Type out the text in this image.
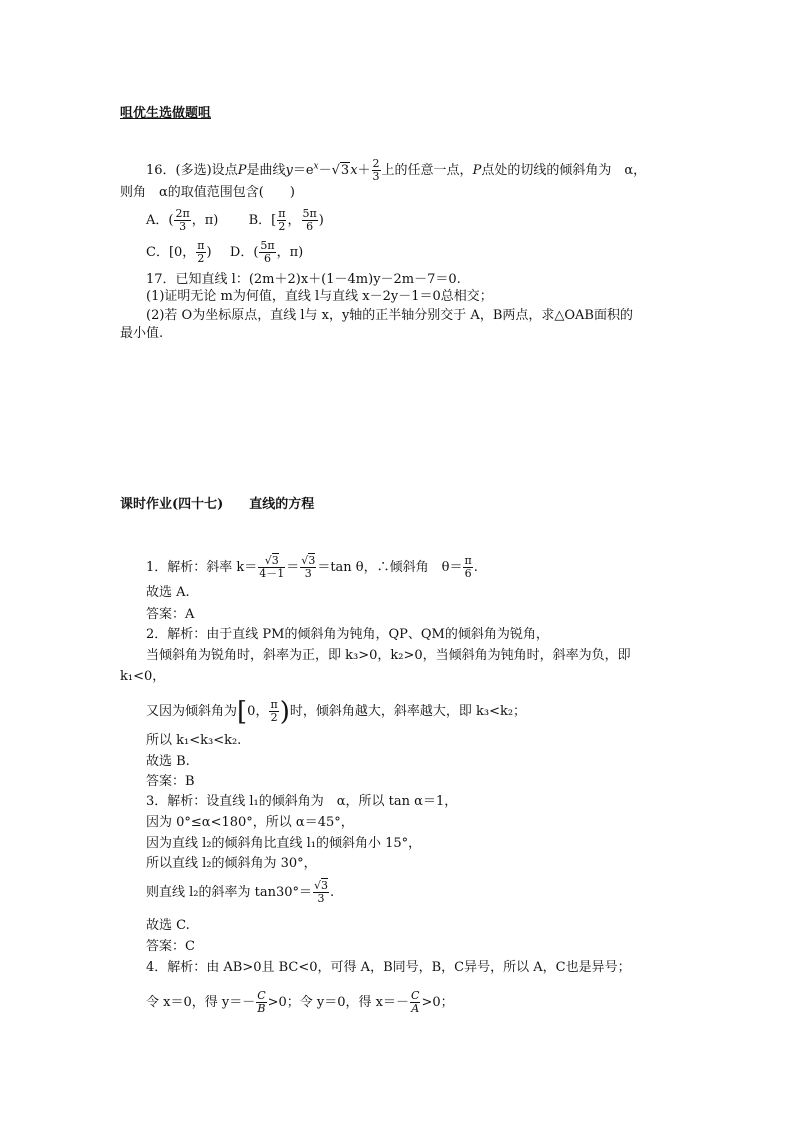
咀优生选做题咀
16．(多选)设点P是曲线$y=e^x-√3x+ \frac{2}{3}$ 上的任意一点，P点处的切线的倾斜角为　α，
则角　α的取值范围包含(　　)
A．( $\frac{2\pi}{3}$ ，π) B．[ $\frac{\pi}{2}$ ， $\frac{5\pi}{6}$ )
C．[0， $\frac{\pi}{2}$ ) D．( $\frac{5\pi}{6}$ ，π)
17．已知直线 l：(2m＋2)x＋(1－4m)y－2m－7＝0.
(1)证明无论 m为何值，直线 l与直线 x－2y－1＝0总相交；
(2)若 O为坐标原点，直线 l与 x，y轴的正半轴分别交于 A，B两点，求△OAB面积的
最小值.
课时作业(四十七)　　直线的方程
1．解析：斜率 $k= \frac{√3}{4-1} = \frac{√3}{3} =\tan$ θ，∴倾斜角　$\theta= \frac{\pi}{6}$ .
故选 A.
答案：A
2．解析：由于直线 PM的倾斜角为钝角，QP、QM的倾斜角为锐角，
当倾斜角为锐角时，斜率为正，即 k₃>0，k₂>0，当倾斜角为钝角时，斜率为负，即
k₁<0，
又因为倾斜角为[0， $\frac{\pi}{2}$ )时，倾斜角越大，斜率越大，即 k₃<k₂；
所以 k₁<k₃<k₂.
故选 B.
答案：B
3．解析：设直线 l₁的倾斜角为　α，所以 tan α＝1，
因为 0°≤α<180°，所以 α＝45°，
因为直线 l₂的倾斜角比直线 l₁的倾斜角小 15°，
所以直线 l₂的倾斜角为 30°，
则直线 l₂的斜率为 $\tan 30^\circ= \frac{√3}{3}$ .
故选 C.
答案：C
4．解析：由 AB>0且 BC<0，可得 A，B同号，B，C异号，所以 A，C也是异号；
令 x＝0，得 $y=- \frac{C}{B} >0$；令 y＝0，得 $x=- \frac{C}{A} >0$；
